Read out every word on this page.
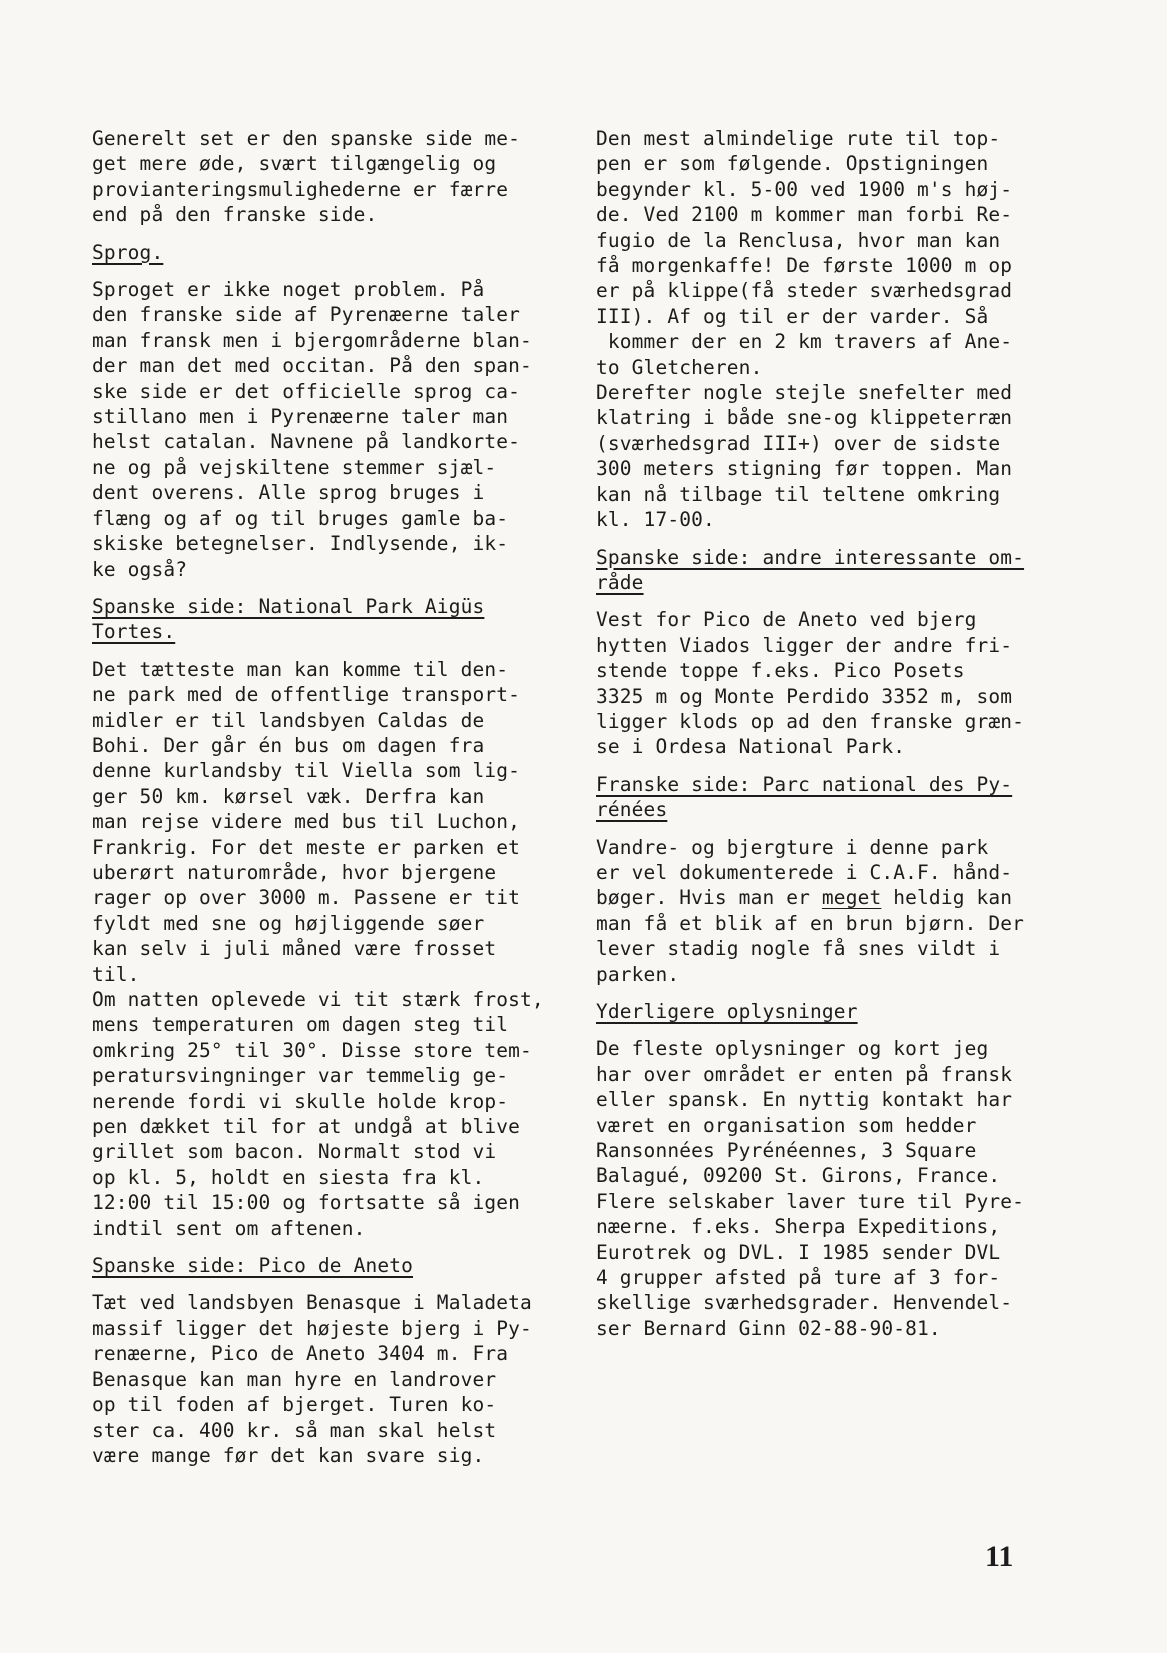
Generelt set er den spanske side me-
get mere øde, svært tilgængelig og
provianteringsmulighederne er færre
end på den franske side.
Sprog.
Sproget er ikke noget problem. På
den franske side af Pyrenæerne taler
man fransk men i bjergområderne blan-
der man det med occitan. På den span-
ske side er det officielle sprog ca-
stillano men i Pyrenæerne taler man
helst catalan. Navnene på landkorte-
ne og på vejskiltene stemmer sjæl-
dent overens. Alle sprog bruges i
flæng og af og til bruges gamle ba-
skiske betegnelser. Indlysende, ik-
ke også?
Spanske side: National Park Aigüs
Tortes.
Det tætteste man kan komme til den-
ne park med de offentlige transport-
midler er til landsbyen Caldas de
Bohi. Der går én bus om dagen fra
denne kurlandsby til Viella som lig-
ger 50 km. kørsel væk. Derfra kan
man rejse videre med bus til Luchon,
Frankrig. For det meste er parken et
uberørt naturområde, hvor bjergene
rager op over 3000 m. Passene er tit
fyldt med sne og højliggende søer
kan selv i juli måned være frosset
til.
Om natten oplevede vi tit stærk frost,
mens temperaturen om dagen steg til
omkring 25° til 30°. Disse store tem-
peratursvingninger var temmelig ge-
nerende fordi vi skulle holde krop-
pen dækket til for at undgå at blive
grillet som bacon. Normalt stod vi
op kl. 5, holdt en siesta fra kl.
12:00 til 15:00 og fortsatte så igen
indtil sent om aftenen.
Spanske side: Pico de Aneto
Tæt ved landsbyen Benasque i Maladeta
massif ligger det højeste bjerg i Py-
renæerne, Pico de Aneto 3404 m. Fra
Benasque kan man hyre en landrover
op til foden af bjerget. Turen ko-
ster ca. 400 kr. så man skal helst
være mange før det kan svare sig.
Den mest almindelige rute til top-
pen er som følgende. Opstigningen
begynder kl. 5-00 ved 1900 m's høj-
de. Ved 2100 m kommer man forbi Re-
fugio de la Renclusa, hvor man kan
få morgenkaffe! De første 1000 m op
er på klippe(få steder sværhedsgrad
III). Af og til er der varder. Så
kommer der en 2 km travers af Ane-
to Gletcheren.
Derefter nogle stejle snefelter med
klatring i både sne-og klippeterræn
(sværhedsgrad III+) over de sidste
300 meters stigning før toppen. Man
kan nå tilbage til teltene omkring
kl. 17-00.
Spanske side: andre interessante om-
råde
Vest for Pico de Aneto ved bjerg
hytten Viados ligger der andre fri-
stende toppe f.eks. Pico Posets
3325 m og Monte Perdido 3352 m, som
ligger klods op ad den franske græn-
se i Ordesa National Park.
Franske side: Parc national des Py-
rénées
Vandre- og bjergture i denne park
er vel dokumenterede i C.A.F. hånd-
bøger. Hvis man er meget heldig kan
man få et blik af en brun bjørn. Der
lever stadig nogle få snes vildt i
parken.
Yderligere oplysninger
De fleste oplysninger og kort jeg
har over området er enten på fransk
eller spansk. En nyttig kontakt har
været en organisation som hedder
Ransonnées Pyrénéennes, 3 Square
Balagué, 09200 St. Girons, France.
Flere selskaber laver ture til Pyre-
næerne. f.eks. Sherpa Expeditions,
Eurotrek og DVL. I 1985 sender DVL
4 grupper afsted på ture af 3 for-
skellige sværhedsgrader. Henvendel-
ser Bernard Ginn 02-88-90-81.
11
